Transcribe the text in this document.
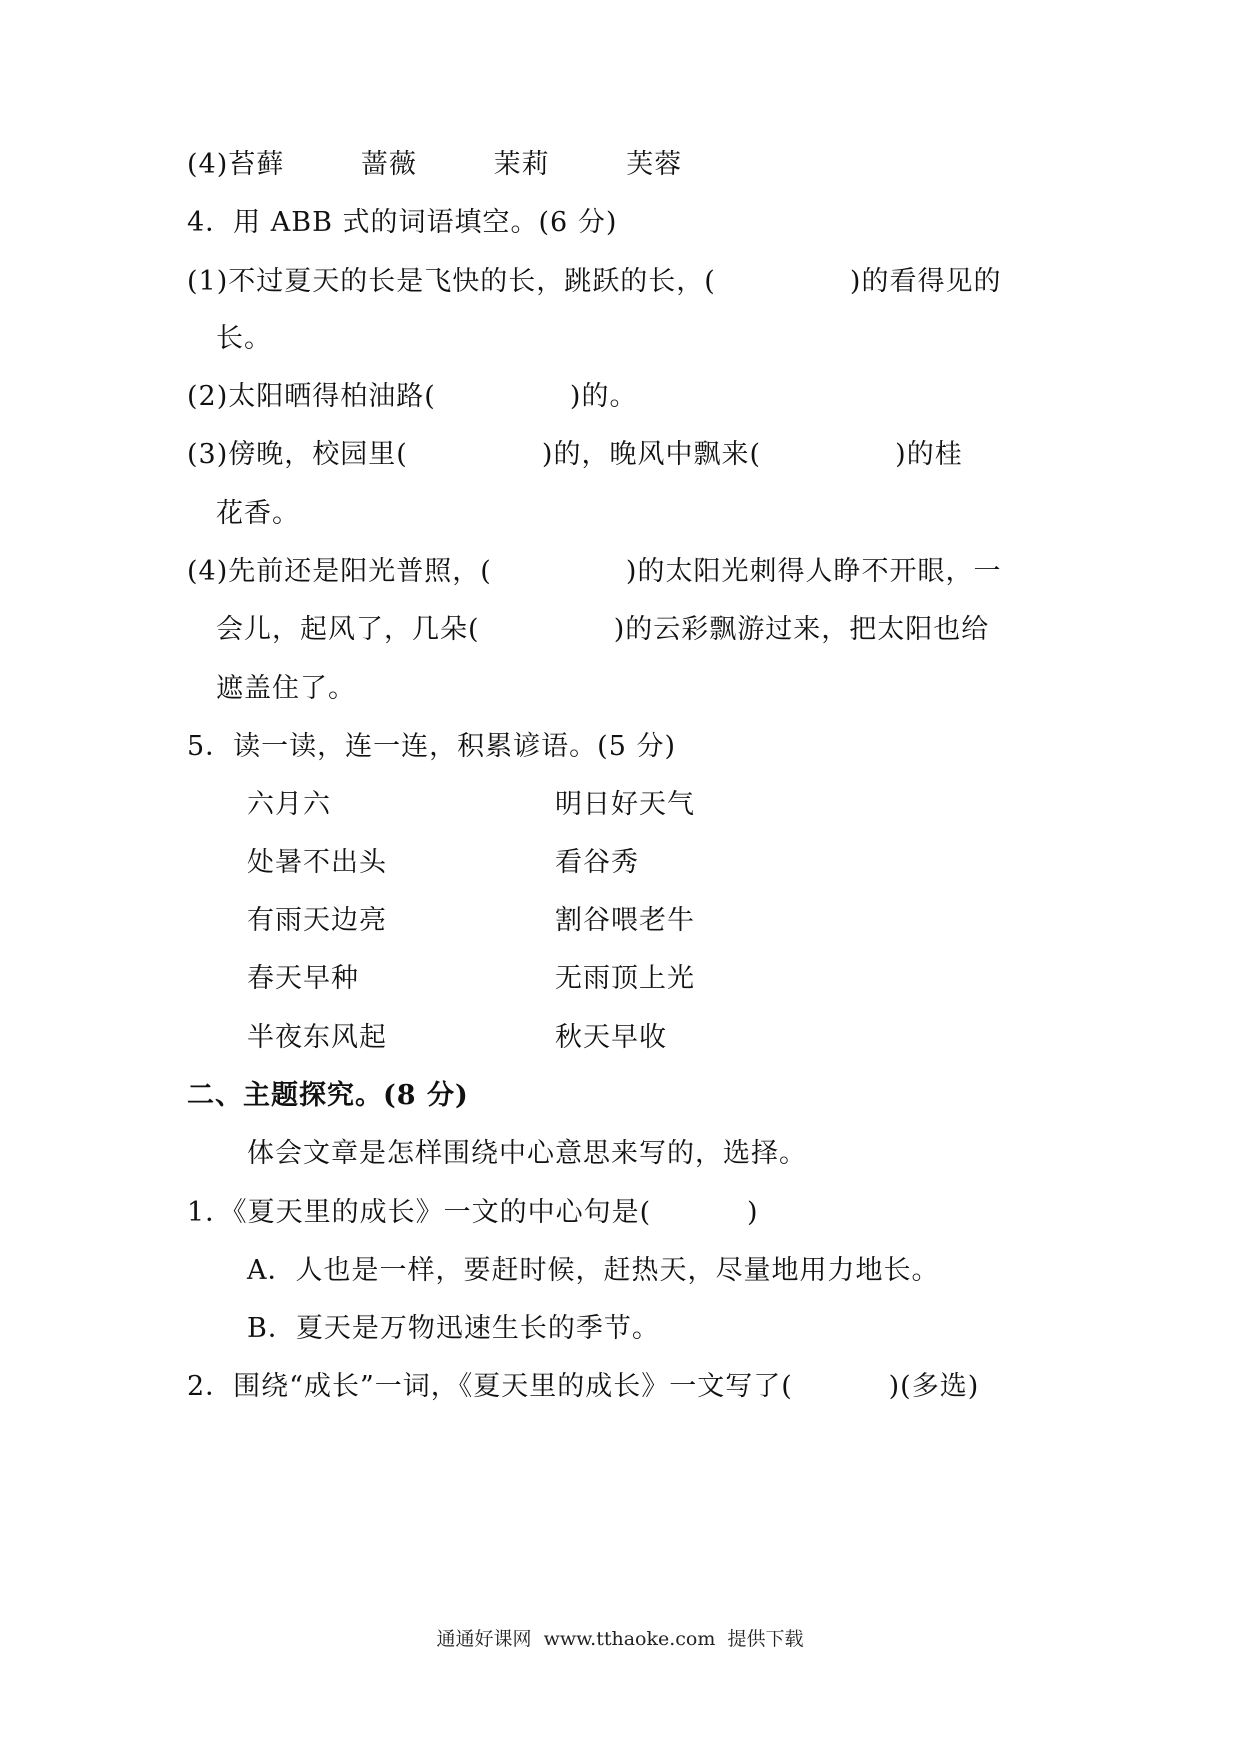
(4)苔藓        蔷薇        茉莉        芙蓉
4．用 ABB 式的词语填空。(6 分)
(1)不过夏天的长是飞快的长，跳跃的长，(              )的看得见的
长。
(2)太阳晒得柏油路(              )的。
(3)傍晚，校园里(              )的，晚风中飘来(              )的桂
花香。
(4)先前还是阳光普照，(              )的太阳光刺得人睁不开眼，一
会儿，起风了，几朵(              )的云彩飘游过来，把太阳也给
遮盖住了。
5．读一读，连一连，积累谚语。(5 分)
六月六	明日好天气
处暑不出头	看谷秀
有雨天边亮	割谷喂老牛
春天早种	无雨顶上光
半夜东风起	秋天早收
二、主题探究。(8 分)
体会文章是怎样围绕中心意思来写的，选择。
1．《夏天里的成长》一文的中心句是(          )
A．人也是一样，要赶时候，赶热天，尽量地用力地长。
B．夏天是万物迅速生长的季节。
2．围绕“成长”一词，《夏天里的成长》一文写了(          )(多选)
通通好课网  www.tthaoke.com  提供下载
